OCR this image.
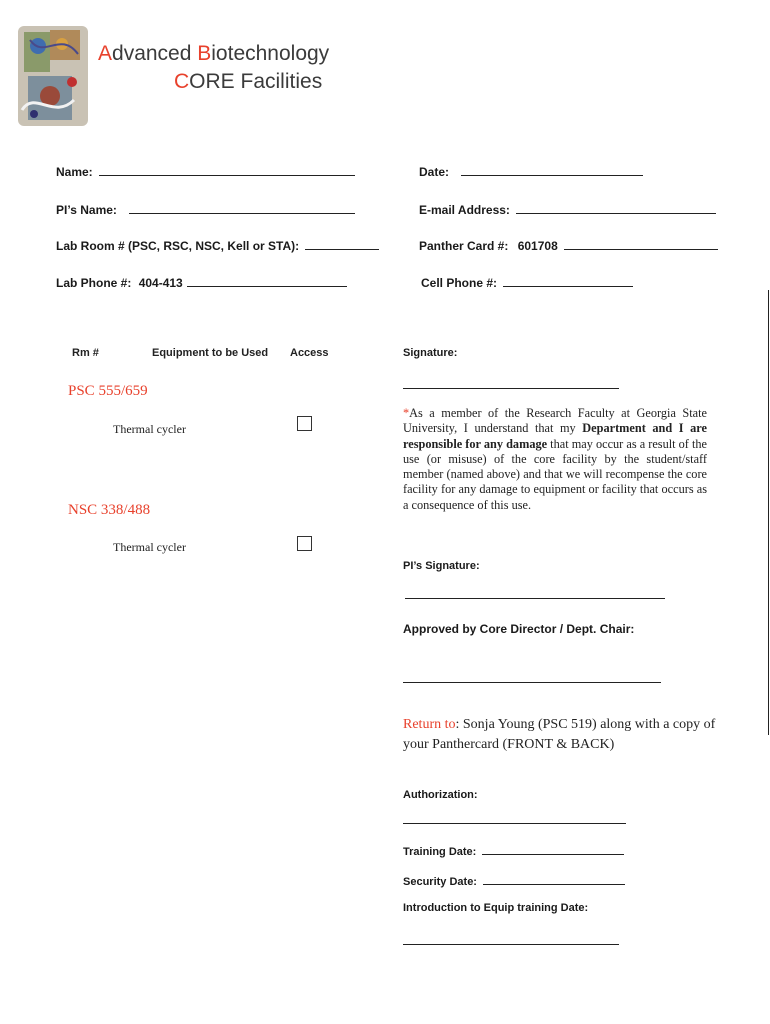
Advanced Biotechnology
CORE Facilities
Name:	Date:
PI’s Name:	E-mail Address:
Lab Room # (PSC, RSC, NSC, Kell or STA):	Panther Card #: 601708
Lab Phone #: 404-413	Cell Phone #:
Rm #	Equipment to be Used Access
PSC 555/659
Thermal cycler
NSC 338/488
Thermal cycler
Signature:
*As a member of the Research Faculty at Georgia State University, I understand that my Department and I are responsible for any damage that may occur as a result of the use (or misuse) of the core facility by the student/staff member (named above) and that we will recompense the core facility for any damage to equipment or facility that occurs as a consequence of this use.
PI’s Signature:
Approved by Core Director / Dept. Chair:
Return to: Sonja Young (PSC 519) along with a copy of your Panthercard (FRONT & BACK)
Authorization:
Training Date:
Security Date:
Introduction to Equip training Date:
